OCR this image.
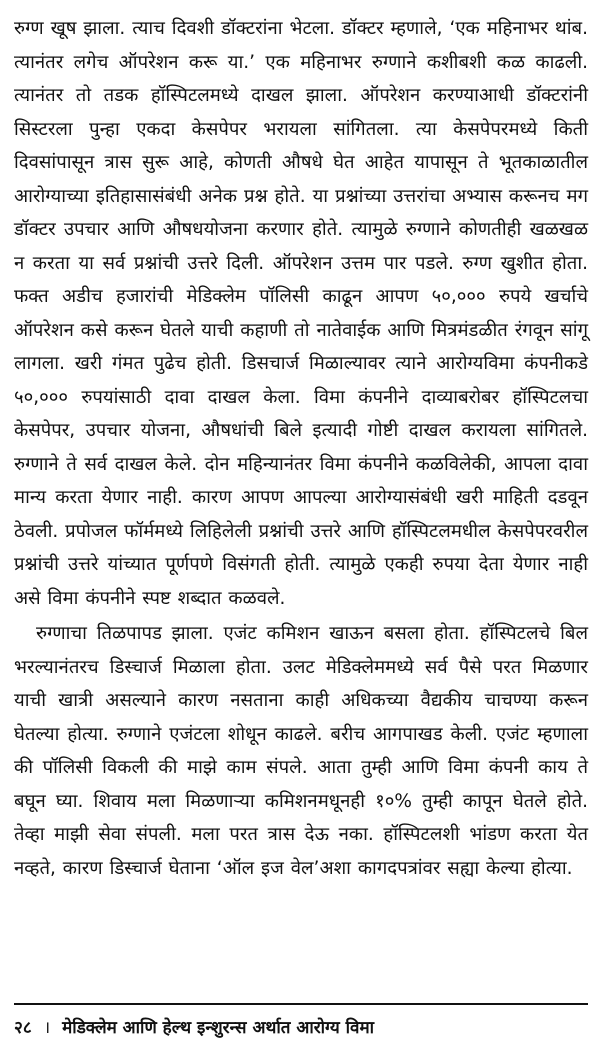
रुग्ण खूष झाला. त्याच दिवशी डॉक्टरांना भेटला. डॉक्टर म्हणाले, ‘एक महिनाभर थांब. त्यानंतर लगेच ऑपरेशन करू या.’ एक महिनाभर रुग्णाने कशीबशी कळ काढली. त्यानंतर तो तडक हॉस्पिटलमध्ये दाखल झाला. ऑपरेशन करण्याआधी डॉक्टरांनी सिस्टरला पुन्हा एकदा केसपेपर भरायला सांगितला. त्या केसपेपरमध्ये किती दिवसांपासून त्रास सुरू आहे, कोणती औषधे घेत आहेत यापासून ते भूतकाळातील आरोग्याच्या इतिहासासंबंधी अनेक प्रश्न होते. या प्रश्नांच्या उत्तरांचा अभ्यास करूनच मग डॉक्टर उपचार आणि औषधयोजना करणार होते. त्यामुळे रुग्णाने कोणतीही खळखळ न करता या सर्व प्रश्नांची उत्तरे दिली. ऑपरेशन उत्तम पार पडले. रुग्ण खुशीत होता. फक्त अडीच हजारांची मेडिक्लेम पॉलिसी काढून आपण ५०,००० रुपये खर्चाचे ऑपरेशन कसे करून घेतले याची कहाणी तो नातेवाईक आणि मित्रमंडळीत रंगवून सांगू लागला. खरी गंमत पुढेच होती. डिसचार्ज मिळाल्यावर त्याने आरोग्यविमा कंपनीकडे ५०,००० रुपयांसाठी दावा दाखल केला. विमा कंपनीने दाव्याबरोबर हॉस्पिटलचा केसपेपर, उपचार योजना, औषधांची बिले इत्यादी गोष्टी दाखल करायला सांगितले. रुग्णाने ते सर्व दाखल केले. दोन महिन्यानंतर विमा कंपनीने कळविलेकी, आपला दावा मान्य करता येणार नाही. कारण आपण आपल्या आरोग्यासंबंधी खरी माहिती दडवून ठेवली. प्रपोजल फॉर्ममध्ये लिहिलेली प्रश्नांची उत्तरे आणि हॉस्पिटलमधील केसपेपरवरील प्रश्नांची उत्तरे यांच्यात पूर्णपणे विसंगती होती. त्यामुळे एकही रुपया देता येणार नाही असे विमा कंपनीने स्पष्ट शब्दात कळवले.

रुग्णाचा तिळपापड झाला. एजंट कमिशन खाऊन बसला होता. हॉस्पिटलचे बिल भरल्यानंतरच डिस्चार्ज मिळाला होता. उलट मेडिक्लेममध्ये सर्व पैसे परत मिळणार याची खात्री असल्याने कारण नसताना काही अधिकच्या वैद्यकीय चाचण्या करून घेतल्या होत्या. रुग्णाने एजंटला शोधून काढले. बरीच आगपाखड केली. एजंट म्हणाला की पॉलिसी विकली की माझे काम संपले. आता तुम्ही आणि विमा कंपनी काय ते बघून घ्या. शिवाय मला मिळणाऱ्या कमिशनमधूनही १०% तुम्ही कापून घेतले होते. तेव्हा माझी सेवा संपली. मला परत त्रास देऊ नका. हॉस्पिटलशी भांडण करता येत नव्हते, कारण डिस्चार्ज घेताना ‘ऑल इज वेल’अशा कागदपत्रांवर सह्या केल्या होत्या.

२८ । मेडिक्लेम आणि हेल्थ इन्शुरन्स अर्थात आरोग्य विमा
